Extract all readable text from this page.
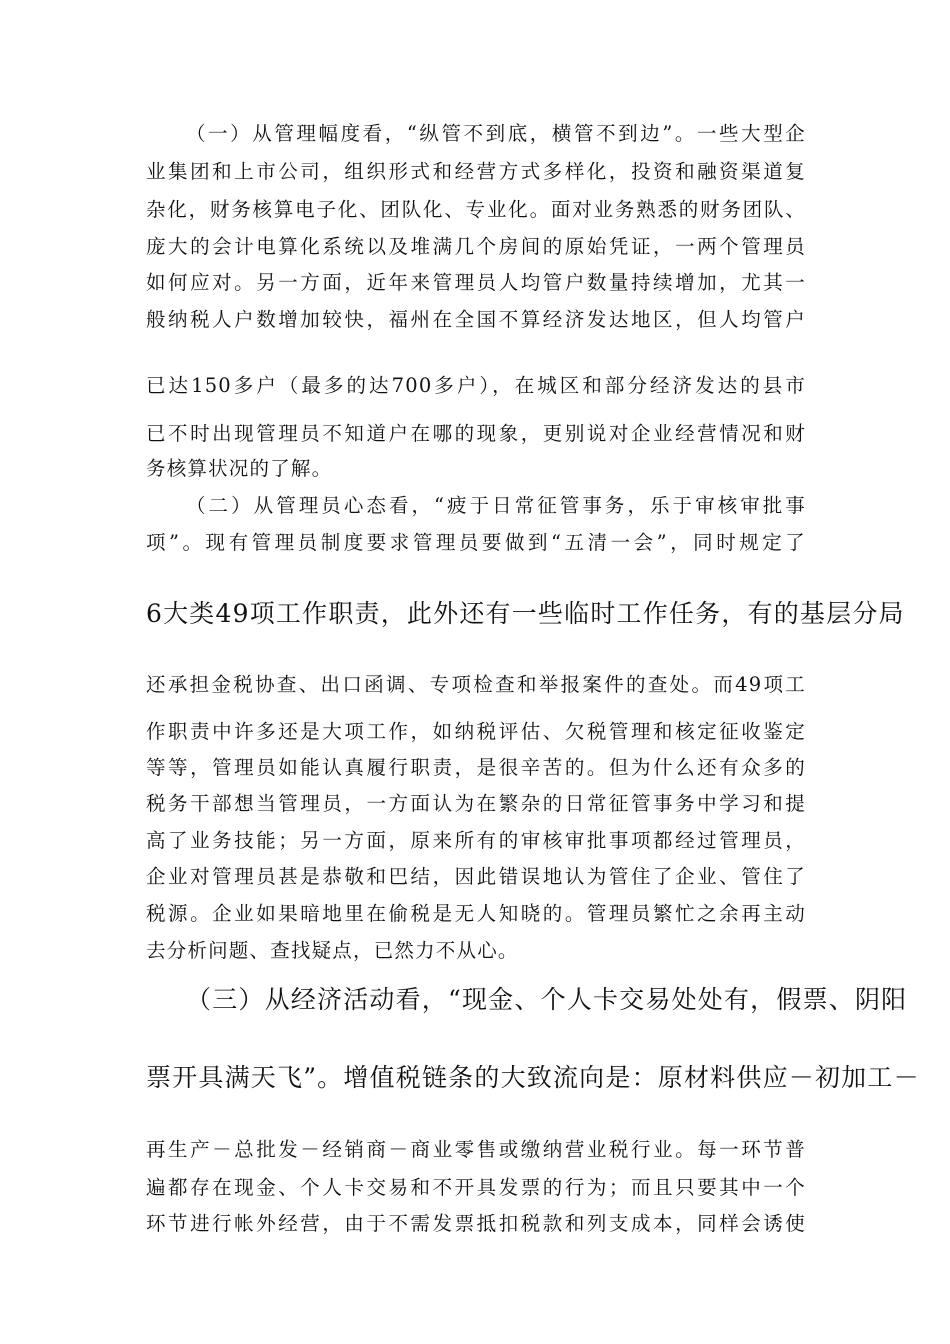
（一）从管理幅度看，“纵管不到底，横管不到边”。一些大型企

业集团和上市公司，组织形式和经营方式多样化，投资和融资渠道复

杂化，财务核算电子化、团队化、专业化。面对业务熟悉的财务团队、

庞大的会计电算化系统以及堆满几个房间的原始凭证，一两个管理员

如何应对。另一方面，近年来管理员人均管户数量持续增加，尤其一

般纳税人户数增加较快，福州在全国不算经济发达地区，但人均管户

已达150多户（最多的达700多户），在城区和部分经济发达的县市

已不时出现管理员不知道户在哪的现象，更别说对企业经营情况和财

务核算状况的了解。

（二）从管理员心态看，“疲于日常征管事务，乐于审核审批事

项”。现有管理员制度要求管理员要做到“五清一会”，同时规定了

6大类49项工作职责，此外还有一些临时工作任务，有的基层分局

还承担金税协查、出口函调、专项检查和举报案件的查处。而49项工

作职责中许多还是大项工作，如纳税评估、欠税管理和核定征收鉴定

等等，管理员如能认真履行职责，是很辛苦的。但为什么还有众多的

税务干部想当管理员，一方面认为在繁杂的日常征管事务中学习和提

高了业务技能；另一方面，原来所有的审核审批事项都经过管理员，

企业对管理员甚是恭敬和巴结，因此错误地认为管住了企业、管住了

税源。企业如果暗地里在偷税是无人知晓的。管理员繁忙之余再主动

去分析问题、查找疑点，已然力不从心。

（三）从经济活动看，“现金、个人卡交易处处有，假票、阴阳

票开具满天飞”。增值税链条的大致流向是：原材料供应－初加工－

再生产－总批发－经销商－商业零售或缴纳营业税行业。每一环节普

遍都存在现金、个人卡交易和不开具发票的行为；而且只要其中一个

环节进行帐外经营，由于不需发票抵扣税款和列支成本，同样会诱使
